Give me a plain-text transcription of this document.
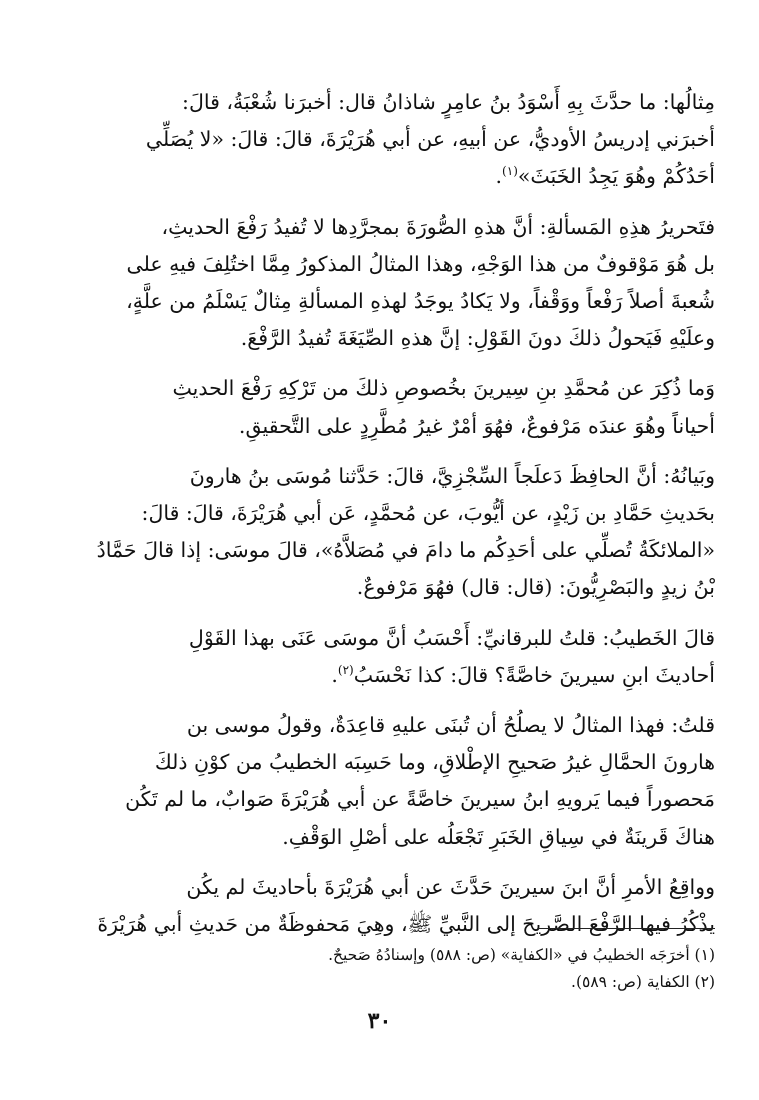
مِثالُها: ما حدَّثَ بِهِ أَسْوَدُ بنُ عامِرٍ شاذانُ قال: أخبرَنا شُعْبَةُ، قالَ:
أخبرَني إدريسُ الأوديُّ، عن أبيهِ، عن أبي هُرَيْرَةَ، قالَ: قالَ: «لا يُصَلِّي
أحَدُكُمْ وهُوَ يَجِدُ الخَبَثَ»$^{(١)}$.

فتَحريرُ هذِهِ المَسألةِ: أنَّ هذهِ الصُّورَةَ بمجرَّدِها لا تُفيدُ رَفْعَ الحديثِ،
بل هُوَ مَوْقوفٌ من هذا الوَجْهِ، وهذا المثالُ المذكورُ مِمَّا اختُلِفَ فيهِ على
شُعبةَ أصلاً رَفْعاً ووَقْفاً، ولا يَكادُ يوجَدُ لهذهِ المسألةِ مِثالٌ يَسْلَمُ من علَّةٍ،
وعلَيْهِ فَيَحولُ ذلكَ دونَ القَوْلِ: إنَّ هذهِ الصِّيَغَةَ تُفيدُ الرَّفْعَ.

وَما ذُكِرَ عن مُحمَّدِ بنِ سِيرينَ بخُصوصِ ذلكَ من تَرْكِهِ رَفْعَ الحديثِ
أحياناً وهُوَ عندَه مَرْفوعٌ، فهُوَ أمْرٌ غيرُ مُطَّرِدٍ على التَّحقيقِ.

وبَيانُهُ: أنَّ الحافِظَ دَعلَجاً السِّجْزِيَّ، قالَ: حَدَّثنا مُوسَى بنُ هارونَ
بحَديثِ حَمَّادِ بن زَيْدٍ، عن أيُّوبَ، عن مُحمَّدٍ، عَن أبي هُرَيْرَةَ، قالَ: قالَ:
«الملائكَةُ تُصلِّي على أحَدِكُم ما دامَ في مُصَلاَّهُ»، قالَ موسَى: إذا قالَ حَمَّادُ
بْنُ زيدٍ والبَصْرِيُّونَ: (قال: قال) فهُوَ مَرْفوعٌ.

قالَ الخَطيبُ: قلتُ للبرقانيِّ: أَحْسَبُ أنَّ موسَى عَنَى بهذا القَوْلِ
أحاديثَ ابنِ سيرينَ خاصَّةً؟ قالَ: كذا نَحْسَبُ$^{(٢)}$.

قلتُ: فهذا المثالُ لا يصلُحُ أن تُبنَى عليهِ قاعِدَةٌ، وقولُ موسى بن
هارونَ الحمَّالِ غيرُ صَحيحِ الإطْلاقِ، وما حَسِبَه الخطيبُ من كوْنِ ذلكَ
مَحصوراً فيما يَرويهِ ابنُ سيرينَ خاصَّةً عن أبي هُرَيْرَةَ صَوابٌ، ما لم تَكُن
هناكَ قَرينَةٌ في سِياقِ الخَبَرِ تَجْعَلُه على أصْلِ الوَقْفِ.

وواقِعُ الأمرِ أنَّ ابنَ سيرينَ حَدَّثَ عن أبي هُرَيْرَةَ بأحاديثَ لم يكُن
يذْكُرُ فيها الرَّفْعَ الصَّريحَ إلى النَّبيِّ ﷺ، وهِيَ مَحفوظَةٌ من حَديثِ أبي هُرَيْرَةَ

(١) أخرَجَه الخطيبُ في «الكفاية» (ص: ٥٨٨) وإسنادُهُ صَحيحٌ.
(٢) الكفاية (ص: ٥٨٩).
٣٠
